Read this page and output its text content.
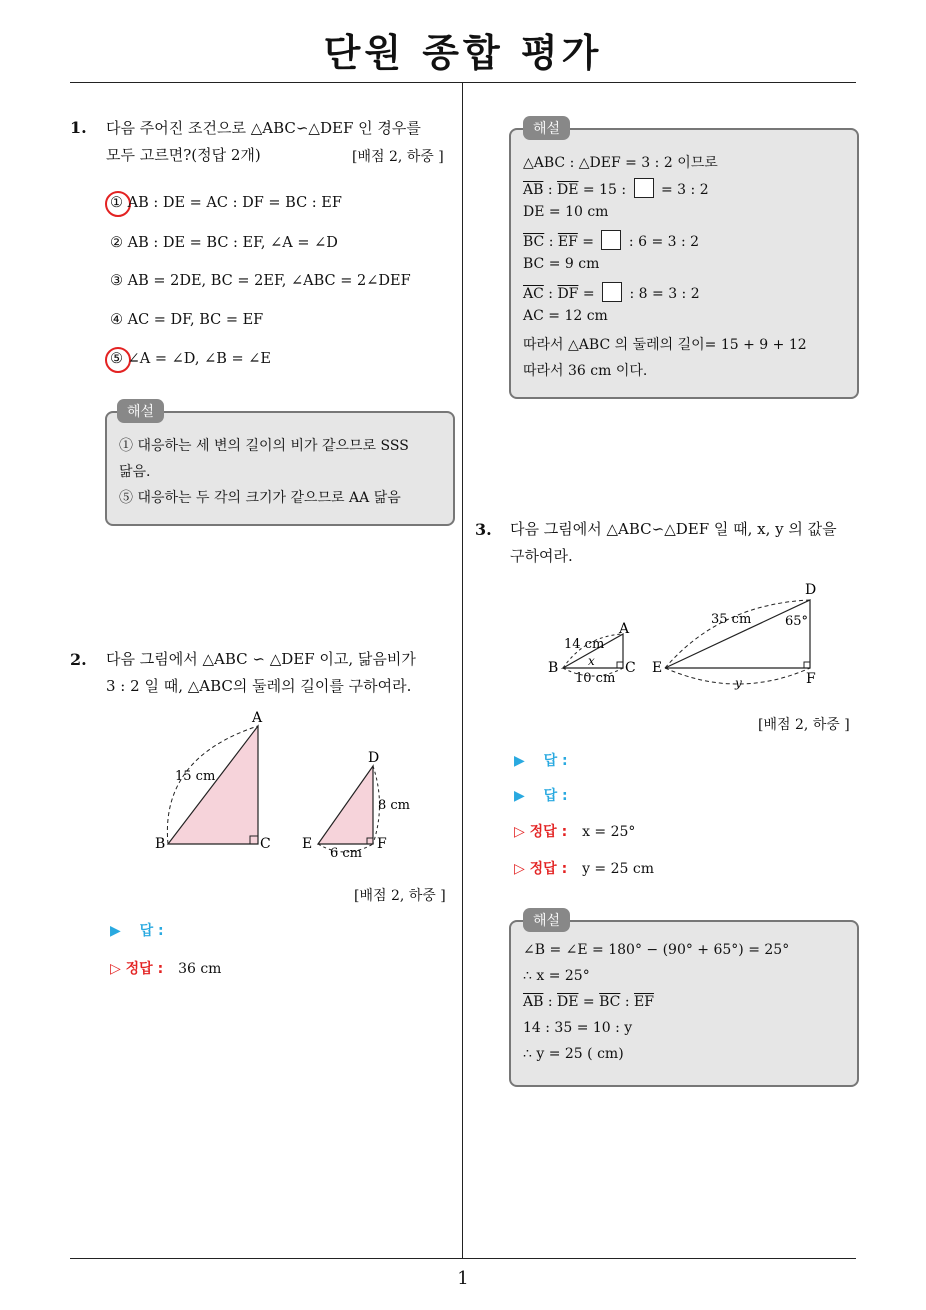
단원 종합 평가
1
1. 다음 주어진 조건으로 △ABC∽△DEF 인 경우를
모두 고르면?(정답 2개)	[배점 2, 하중 ]
① AB : DE = AC : DF = BC : EF
② AB : DE = BC : EF, ∠A = ∠D
③ AB = 2DE, BC = 2EF, ∠ABC = 2∠DEF
④ AC = DF, BC = EF
⑤ ∠A = ∠D, ∠B = ∠E
해설
① 대응하는 세 변의 길이의 비가 같으므로 SSS
닮음.
⑤ 대응하는 두 각의 크기가 같으므로 AA 닮음
2. 다음 그림에서 △ABC ∽ △DEF 이고, 닮음비가
3 : 2 일 때, △ABC의 둘레의 길이를 구하여라.
A
B	C
15 cm
D
E	F
8 cm
6 cm
[배점 2, 하중 ]
▶ 답 :
▷ 정답 : 36 cm
해설
△ABC : △DEF = 3 : 2 이므로
$\overline{AB}$ : $\overline{DE} = 15$ :  = 3 : 2
DE = 10 cm
$\overline{BC}$ : $\overline{EF}$ =  : 6 = 3 : 2
BC = 9 cm
$\overline{AC}$ : $\overline{DF}$ =  : 8 = 3 : 2
AC = 12 cm
따라서 △ABC 의 둘레의 길이= 15 + 9 + 12
따라서 36 cm 이다.
3. 다음 그림에서 △ABC∽△DEF 일 때, x, y 의 값을
구하여라.
A
B	C
14 cm
x
10 cm
D
E
F
35 cm	65°
y
[배점 2, 하중 ]
▶ 답 :
▶ 답 :
▷ 정답 : x = 25°
▷ 정답 : y = 25 cm
해설
∠B = ∠E = 180° − (90° + 65°) = 25°
∴ x = 25°
$\overline{AB}$ : $\overline{DE} = \overline{BC}$ : $\overline{EF}$
14 : 35 = 10 : y
∴ y = 25 ( cm)
